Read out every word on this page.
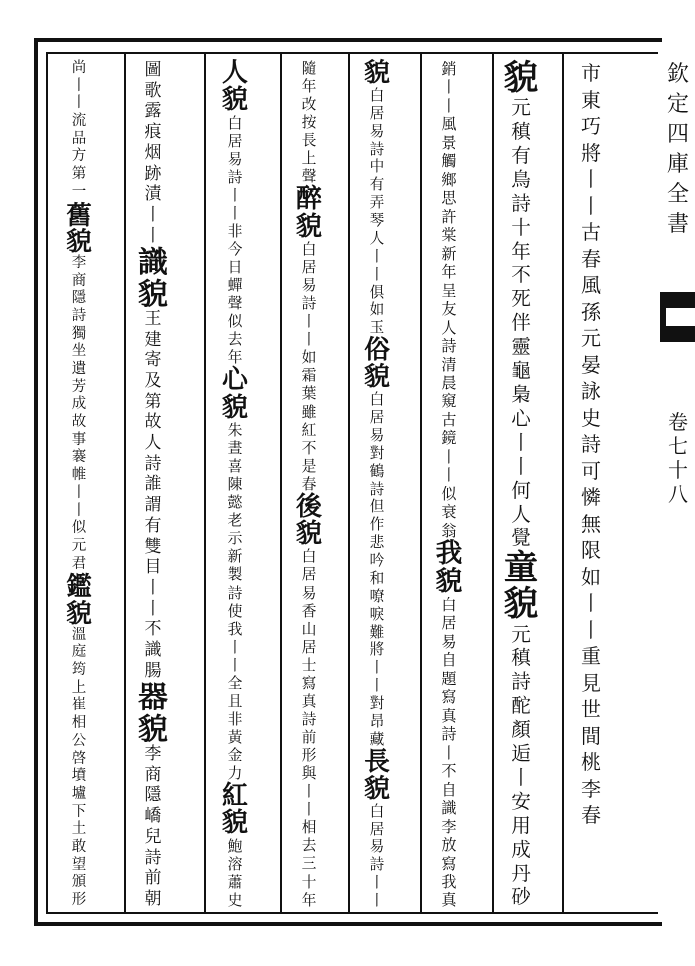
欽
定
四
庫
全
書
卷
七
十
八
市
東
巧
將
丨
丨
古
春
風
孫
元
晏
詠
史
詩
可
憐
無
限
如
丨
丨
重
見
世
間
桃
李
春
貌
元
稹
有
鳥
詩
十
年
不
死
伴
靈
龜
梟
心
丨
丨
何
人
覺
童
貌
元
稹
詩
酡
顏
逅
丨
安
用
成
丹
砂
銷
丨
丨
風
景
觸
鄉
思
許
棠
新
年
呈
友
人
詩
清
晨
窺
古
鏡
丨
丨
似
衰
翁
我
貌
白
居
易
自
題
寫
真
詩
丨
不
自
識
李
放
寫
我
真
貌
白
居
易
詩
中
有
弄
琴
人
丨
丨
俱
如
玉
俗
貌
白
居
易
對
鶴
詩
但
作
悲
吟
和
嘹
唳
難
將
丨
丨
對
昂
藏
長
貌
白
居
易
詩
丨
丨
隨
年
改
按
長
上
聲
醉
貌
白
居
易
詩
丨
丨
如
霜
葉
雖
紅
不
是
春
後
貌
白
居
易
香
山
居
士
寫
真
詩
前
形
與
丨
丨
相
去
三
十
年
人
貌
白
居
易
詩
丨
丨
非
今
日
蟬
聲
似
去
年
心
貌
朱
晝
喜
陳
懿
老
示
新
製
詩
使
我
丨
丨
全
且
非
黃
金
力
紅
貌
鮑
溶
蕭
史
圖
歌
露
痕
烟
跡
漬
丨
丨
識
貌
王
建
寄
及
第
故
人
詩
誰
謂
有
雙
目
丨
丨
不
識
腸
器
貌
李
商
隱
嶠
兒
詩
前
朝
尚
丨
丨
流
品
方
第
一
舊
貌
李
商
隱
詩
獨
坐
遺
芳
成
故
事
褰
帷
丨
丨
似
元
君
鑑
貌
溫
庭
筠
上
崔
相
公
啓
墳
壚
下
土
敢
望
頒
形
